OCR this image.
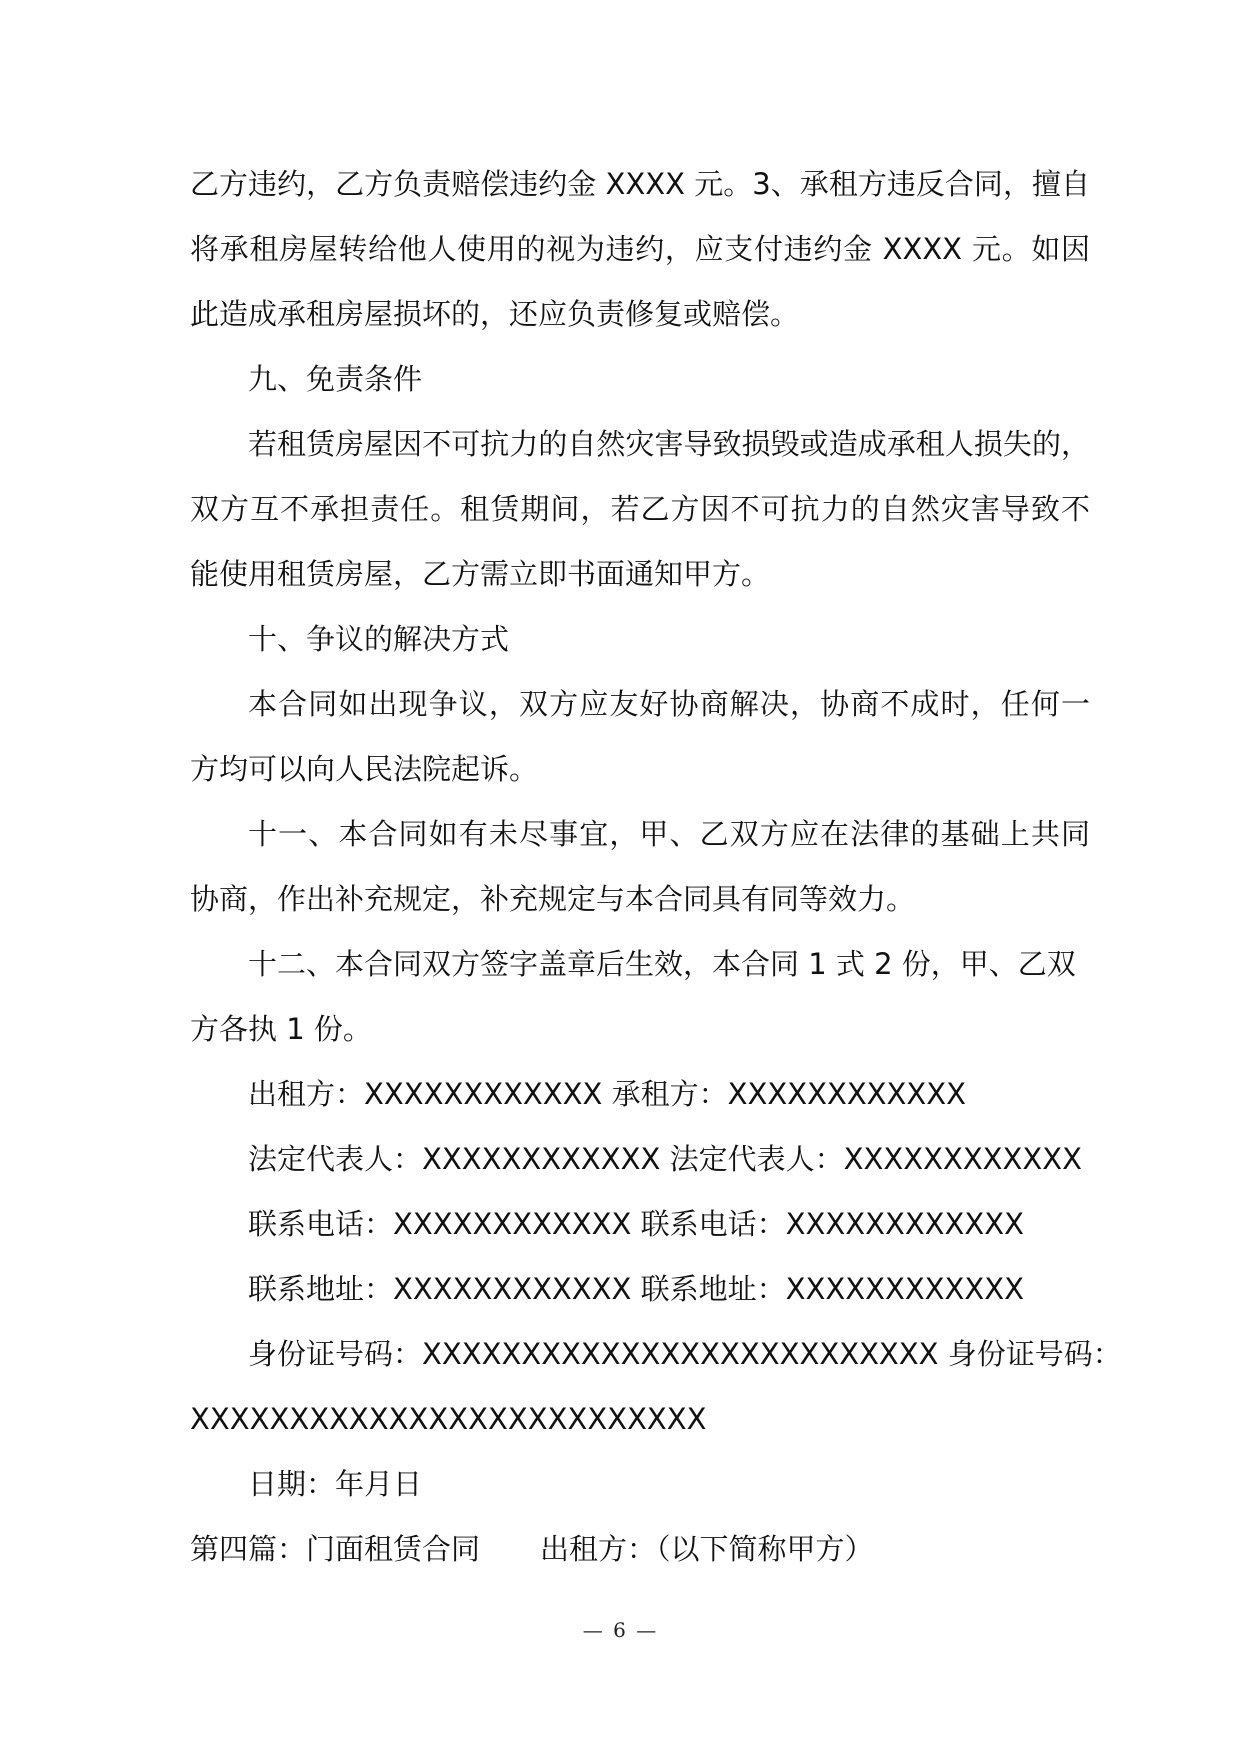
乙方违约，乙方负责赔偿违约金 XXXX 元。3、承租方违反合同，擅自

将承租房屋转给他人使用的视为违约，应支付违约金 XXXX 元。如因

此造成承租房屋损坏的，还应负责修复或赔偿。

九、免责条件

若租赁房屋因不可抗力的自然灾害导致损毁或造成承租人损失的，

双方互不承担责任。租赁期间，若乙方因不可抗力的自然灾害导致不

能使用租赁房屋，乙方需立即书面通知甲方。

十、争议的解决方式

本合同如出现争议，双方应友好协商解决，协商不成时，任何一

方均可以向人民法院起诉。

十一、本合同如有未尽事宜，甲、乙双方应在法律的基础上共同

协商，作出补充规定，补充规定与本合同具有同等效力。

十二、本合同双方签字盖章后生效，本合同 1 式 2 份，甲、乙双

方各执 1 份。

出租方：XXXXXXXXXXXX 承租方：XXXXXXXXXXXX

法定代表人：XXXXXXXXXXXX 法定代表人：XXXXXXXXXXXX

联系电话：XXXXXXXXXXXX 联系电话：XXXXXXXXXXXX

联系地址：XXXXXXXXXXXX 联系地址：XXXXXXXXXXXX

身份证号码：XXXXXXXXXXXXXXXXXXXXXXXXXX 身份证号码：

XXXXXXXXXXXXXXXXXXXXXXXXXX

日期：年月日

第四篇：门面租赁合同 出租方：（以下简称甲方）

— 6 —
